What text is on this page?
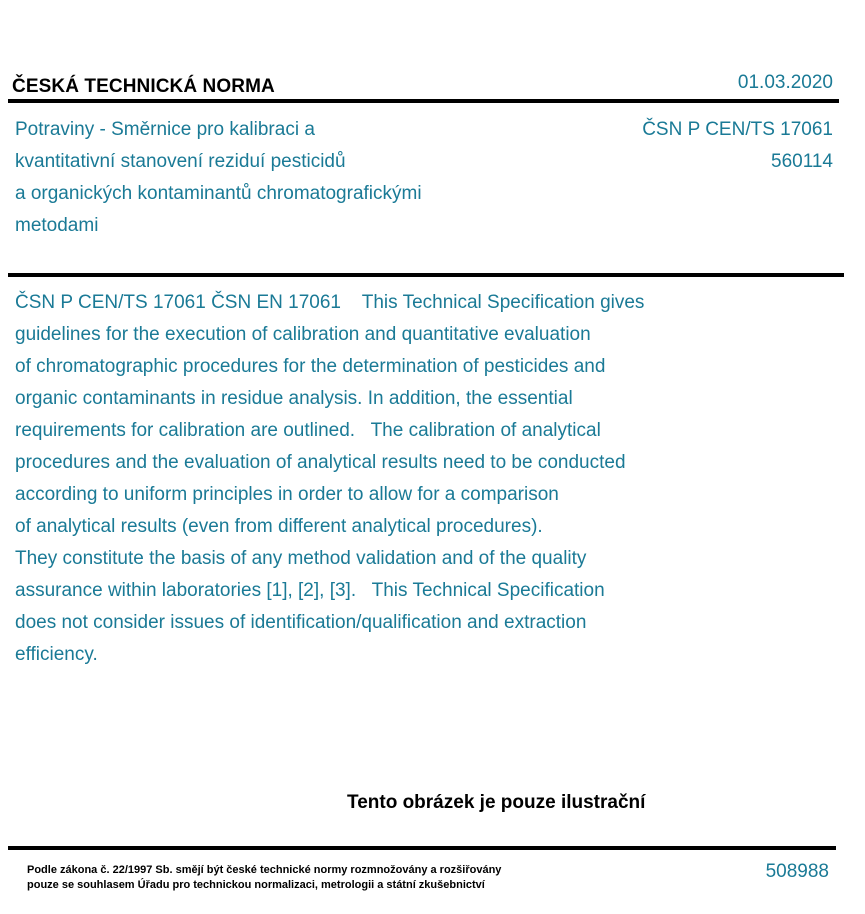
ČESKÁ TECHNICKÁ NORMA	01.03.2020
Potraviny - Směrnice pro kalibraci a
kvantitativní stanovení reziduí pesticidů
a organických kontaminantů chromatografickými
metodami
ČSN P CEN/TS 17061
560114
ČSN P CEN/TS 17061 ČSN EN 17061    This Technical Specification gives
guidelines for the execution of calibration and quantitative evaluation
of chromatographic procedures for the determination of pesticides and
organic contaminants in residue analysis. In addition, the essential
requirements for calibration are outlined.   The calibration of analytical
procedures and the evaluation of analytical results need to be conducted
according to uniform principles in order to allow for a comparison
of analytical results (even from different analytical procedures).
They constitute the basis of any method validation and of the quality
assurance within laboratories [1], [2], [3].   This Technical Specification
does not consider issues of identification/qualification and extraction
efficiency.
Tento obrázek je pouze ilustrační
Podle zákona č. 22/1997 Sb. smějí být české technické normy rozmnožovány a rozšiřovány
pouze se souhlasem Úřadu pro technickou normalizaci, metrologii a státní zkušebnictví
508988
